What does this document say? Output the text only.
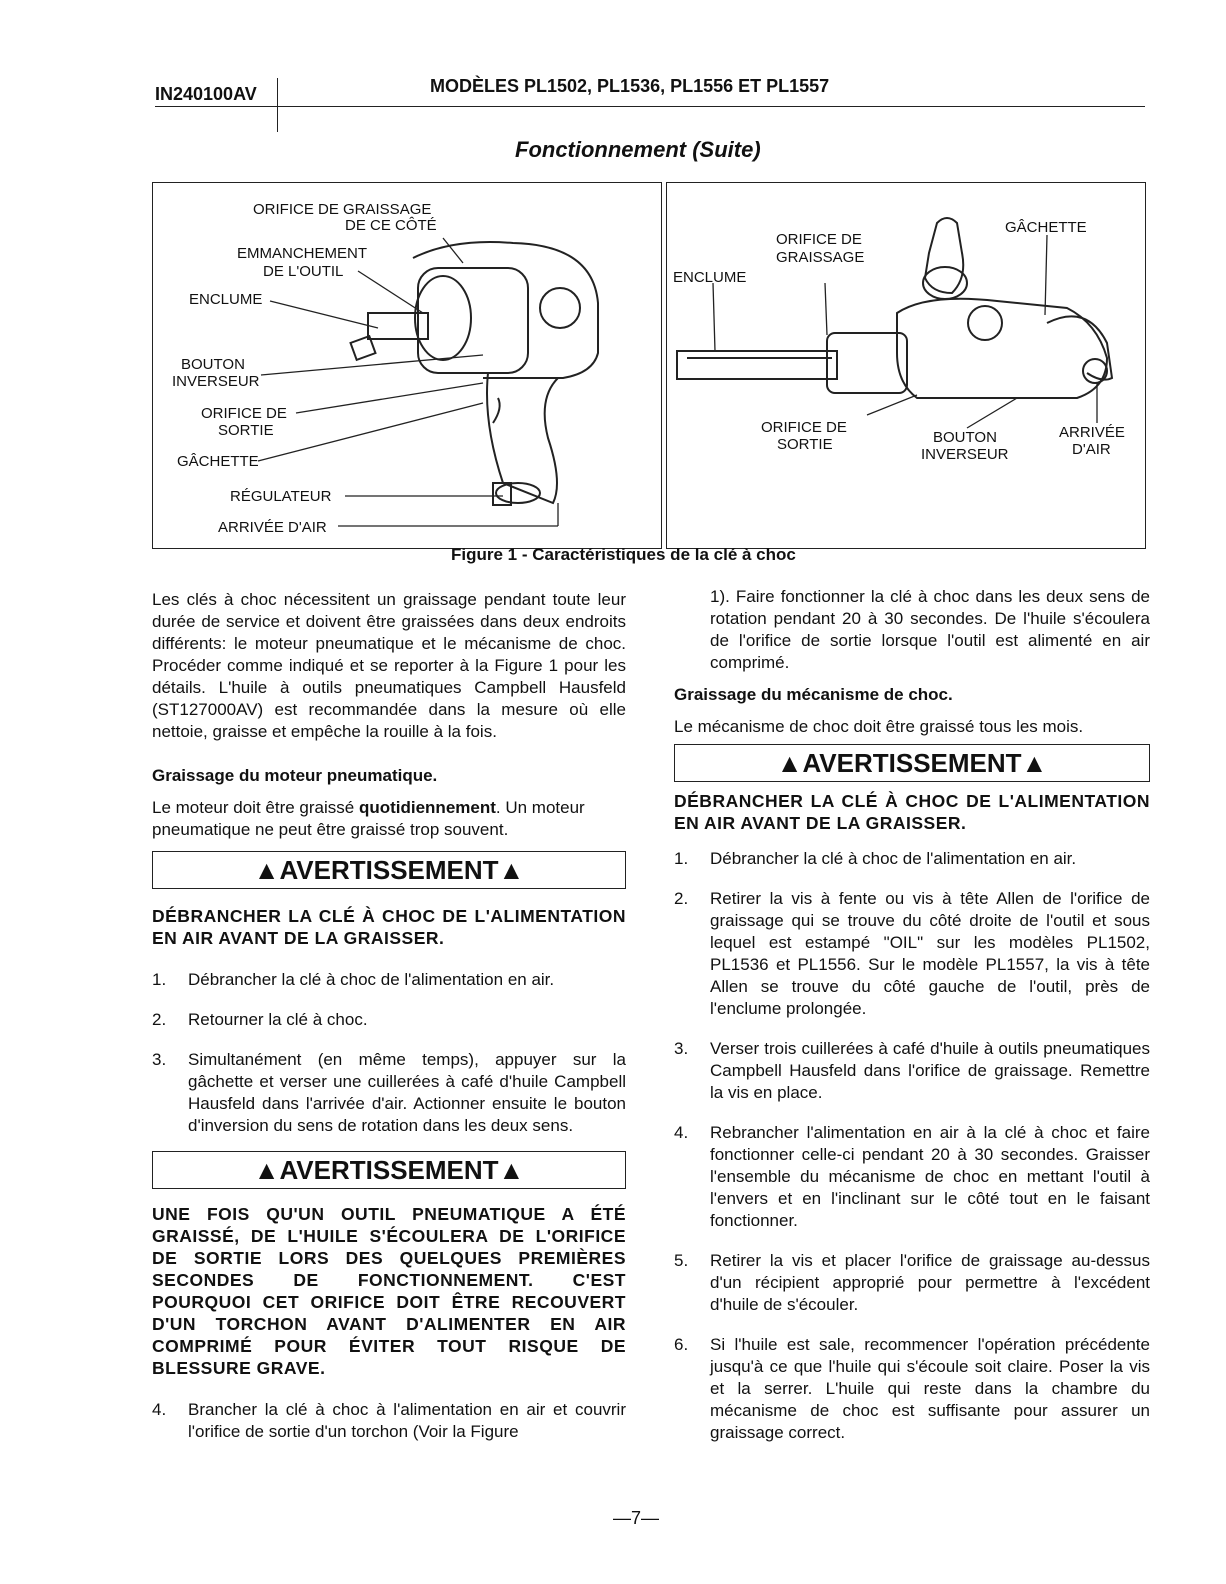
IN240100AV	MODÈLES PL1502, PL1536, PL1556 ET PL1557
Fonctionnement (Suite)
ORIFICE DE GRAISSAGE
DE CE CÔTÉ
EMMANCHEMENT
DE L'OUTIL
ENCLUME
BOUTON
INVERSEUR
ORIFICE DE
SORTIE
GÂCHETTE
RÉGULATEUR
ARRIVÉE D'AIR
ENCLUME
ORIFICE DE
GRAISSAGE
GÂCHETTE
ORIFICE DE
SORTIE	BOUTON
INVERSEUR
ARRIVÉE
D'AIR
Figure 1 - Caractéristiques de la clé à choc

Les clés à choc nécessitent un graissage pendant toute leur durée de service et doivent être graissées dans deux endroits différents: le moteur pneumatique et le mécanisme de choc. Procéder comme indiqué et se reporter à la Figure 1 pour les détails. L'huile à outils pneumatiques Campbell Hausfeld (ST127000AV) est recommandée dans la mesure où elle nettoie, graisse et empêche la rouille à la fois.

Graissage du moteur pneumatique.

Le moteur doit être graissé quotidiennement. Un moteur pneumatique ne peut être graissé trop souvent.

▲AVERTISSEMENT▲

DÉBRANCHER LA CLÉ À CHOC DE L'ALIMENTATION EN AIR AVANT DE LA GRAISSER.

1.	Débrancher la clé à choc de l'alimentation en air.
2.	Retourner la clé à choc.
3.	Simultanément (en même temps), appuyer sur la gâchette et verser une cuillerées à café d'huile Campbell Hausfeld dans l'arrivée d'air. Actionner ensuite le bouton d'inversion du sens de rotation dans les deux sens.
▲AVERTISSEMENT▲

UNE FOIS QU'UN OUTIL PNEUMATIQUE A ÉTÉ GRAISSÉ, DE L'HUILE S'ÉCOULERA DE L'ORIFICE DE SORTIE LORS DES QUELQUES PREMIÈRES SECONDES DE FONCTIONNEMENT. C'EST POURQUOI CET ORIFICE DOIT ÊTRE RECOUVERT D'UN TORCHON AVANT D'ALIMENTER EN AIR COMPRIMÉ POUR ÉVITER TOUT RISQUE DE BLESSURE GRAVE.

4.	Brancher la clé à choc à l'alimentation en air et couvrir l'orifice de sortie d'un torchon (Voir la Figure
1). Faire fonctionner la clé à choc dans les deux sens de rotation pendant 20 à 30 secondes. De l'huile s'écoulera de l'orifice de sortie lorsque l'outil est alimenté en air comprimé.

Graissage du mécanisme de choc.

Le mécanisme de choc doit être graissé tous les mois.

▲AVERTISSEMENT▲

DÉBRANCHER LA CLÉ À CHOC DE L'ALIMENTATION EN AIR AVANT DE LA GRAISSER.

1.	Débrancher la clé à choc de l'alimentation en air.
2.	Retirer la vis à fente ou vis à tête Allen de l'orifice de graissage qui se trouve du côté droite de l'outil et sous lequel est estampé "OIL" sur les modèles PL1502, PL1536 et PL1556. Sur le modèle PL1557, la vis à tête Allen se trouve du côté gauche de l'outil, près de l'enclume prolongée.
3.	Verser trois cuillerées à café d'huile à outils pneumatiques Campbell Hausfeld dans l'orifice de graissage. Remettre la vis en place.
4.	Rebrancher l'alimentation en air à la clé à choc et faire fonctionner celle-ci pendant 20 à 30 secondes. Graisser l'ensemble du mécanisme de choc en mettant l'outil à l'envers et en l'inclinant sur le côté tout en le faisant fonctionner.
5.	Retirer la vis et placer l'orifice de graissage au-dessus d'un récipient approprié pour permettre à l'excédent d'huile de s'écouler.
6.	Si l'huile est sale, recommencer l'opération précédente jusqu'à ce que l'huile qui s'écoule soit claire. Poser la vis et la serrer. L'huile qui reste dans la chambre du mécanisme de choc est suffisante pour assurer un graissage correct.
—7—
